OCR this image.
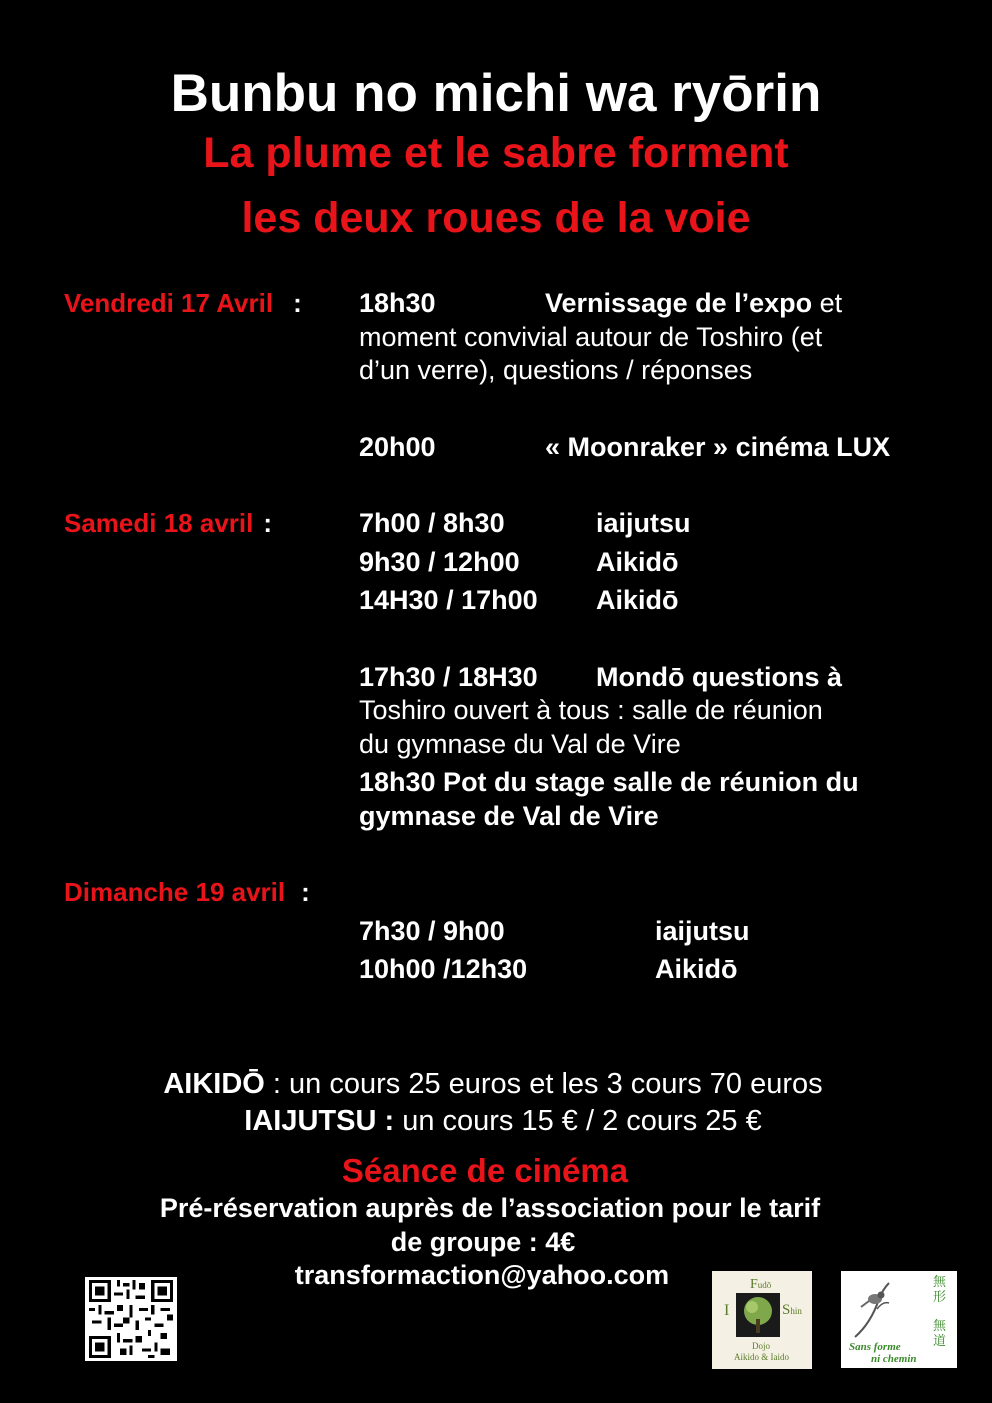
Bunbu no michi wa ryōrin
La plume et le sabre forment
les deux roues de la voie
Vendredi 17 Avril : 18h30	Vernissage de l’expo et
moment convivial autour de Toshiro (et
d’un verre), questions / réponses
20h00	« Moonraker » cinéma LUX
Samedi 18 avril :	7h00 / 8h30	iaijutsu
9h30 / 12h00	Aikidō
14H30 / 17h00 Aikidō
17h30 / 18H30 Mondō questions à
Toshiro ouvert à tous : salle de réunion
du gymnase du Val de Vire
18h30 Pot du stage salle de réunion du
gymnase de Val de Vire
Dimanche 19 avril :
7h30 / 9h00	iaijutsu
10h00 /12h30	Aikidō
AIKIDŌ : un cours 25 euros et les 3 cours 70 euros
IAIJUTSU : un cours 15 € / 2 cours 25 €
Séance de cinéma
Pré-réservation auprès de l’association pour le tarif
de groupe : 4€
transformaction@yahoo.com	Fudō
I	Shin
Dojo
Aikido & Iaido
無
形
無
道
Sans forme
ni chemin
